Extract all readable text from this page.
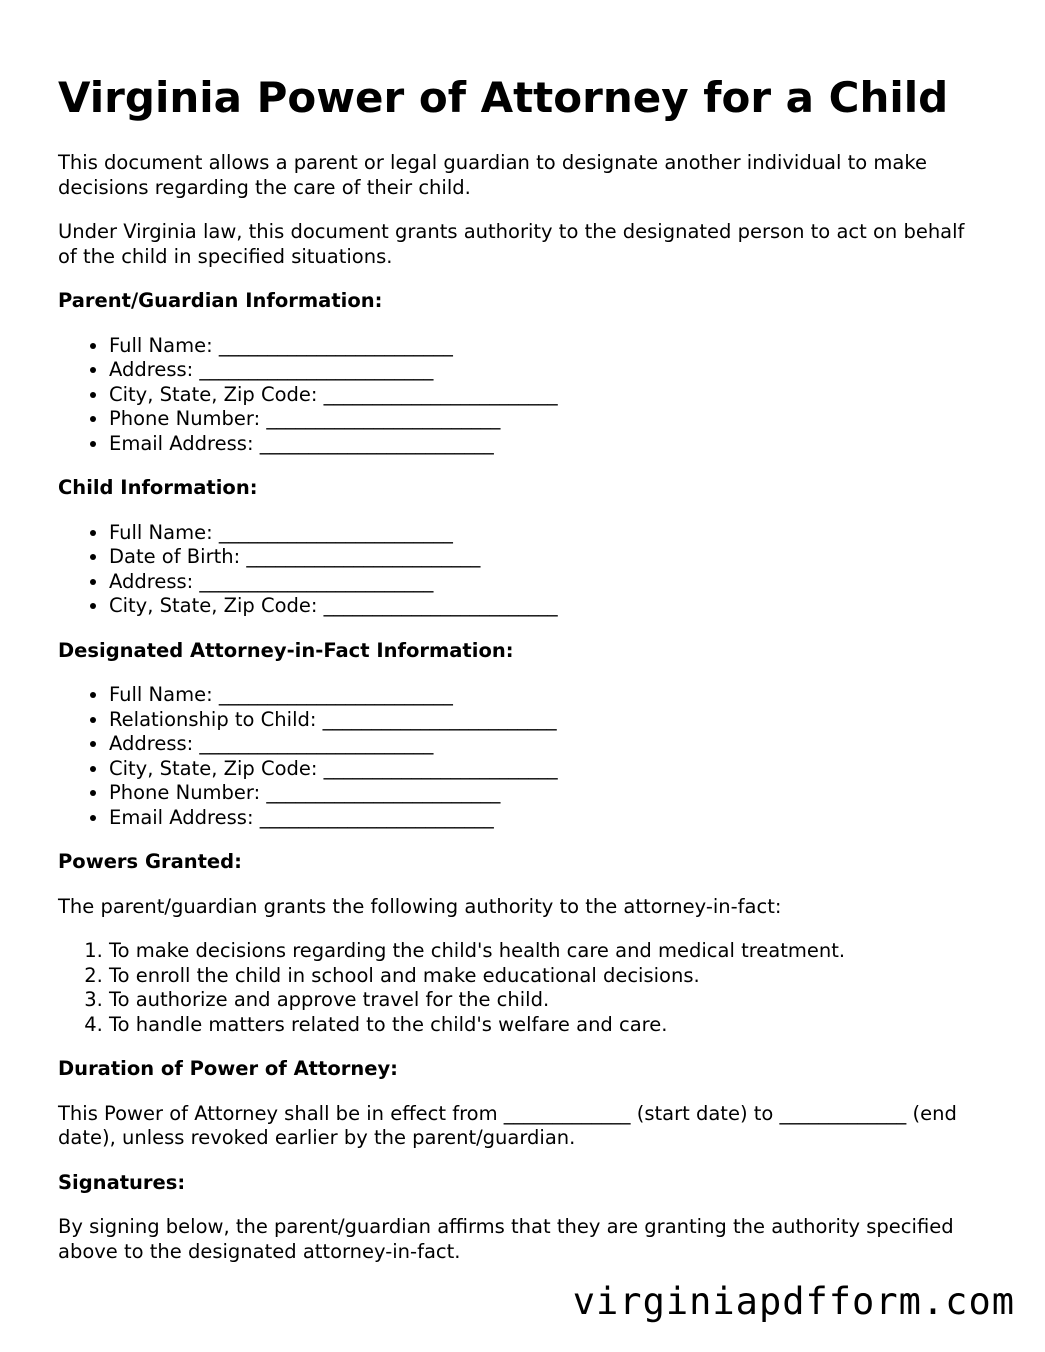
Virginia Power of Attorney for a Child

This document allows a parent or legal guardian to designate another individual to make decisions regarding the care of their child.

Under Virginia law, this document grants authority to the designated person to act on behalf of the child in specified situations.

Parent/Guardian Information:
• Full Name: ________________________
• Address: ________________________
• City, State, Zip Code: ________________________
• Phone Number: ________________________
• Email Address: ________________________
Child Information:
• Full Name: ________________________
• Date of Birth: ________________________
• Address: ________________________
• City, State, Zip Code: ________________________
Designated Attorney-in-Fact Information:
• Full Name: ________________________
• Relationship to Child: ________________________
• Address: ________________________
• City, State, Zip Code: ________________________
• Phone Number: ________________________
• Email Address: ________________________
Powers Granted:

The parent/guardian grants the following authority to the attorney-in-fact:

1. To make decisions regarding the child's health care and medical treatment.
2. To enroll the child in school and make educational decisions.
3. To authorize and approve travel for the child.
4. To handle matters related to the child's welfare and care.
Duration of Power of Attorney:

This Power of Attorney shall be in effect from _____________ (start date) to _____________ (end date), unless revoked earlier by the parent/guardian.

Signatures:

By signing below, the parent/guardian affirms that they are granting the authority specified above to the designated attorney-in-fact.

virginiapdfform.com
